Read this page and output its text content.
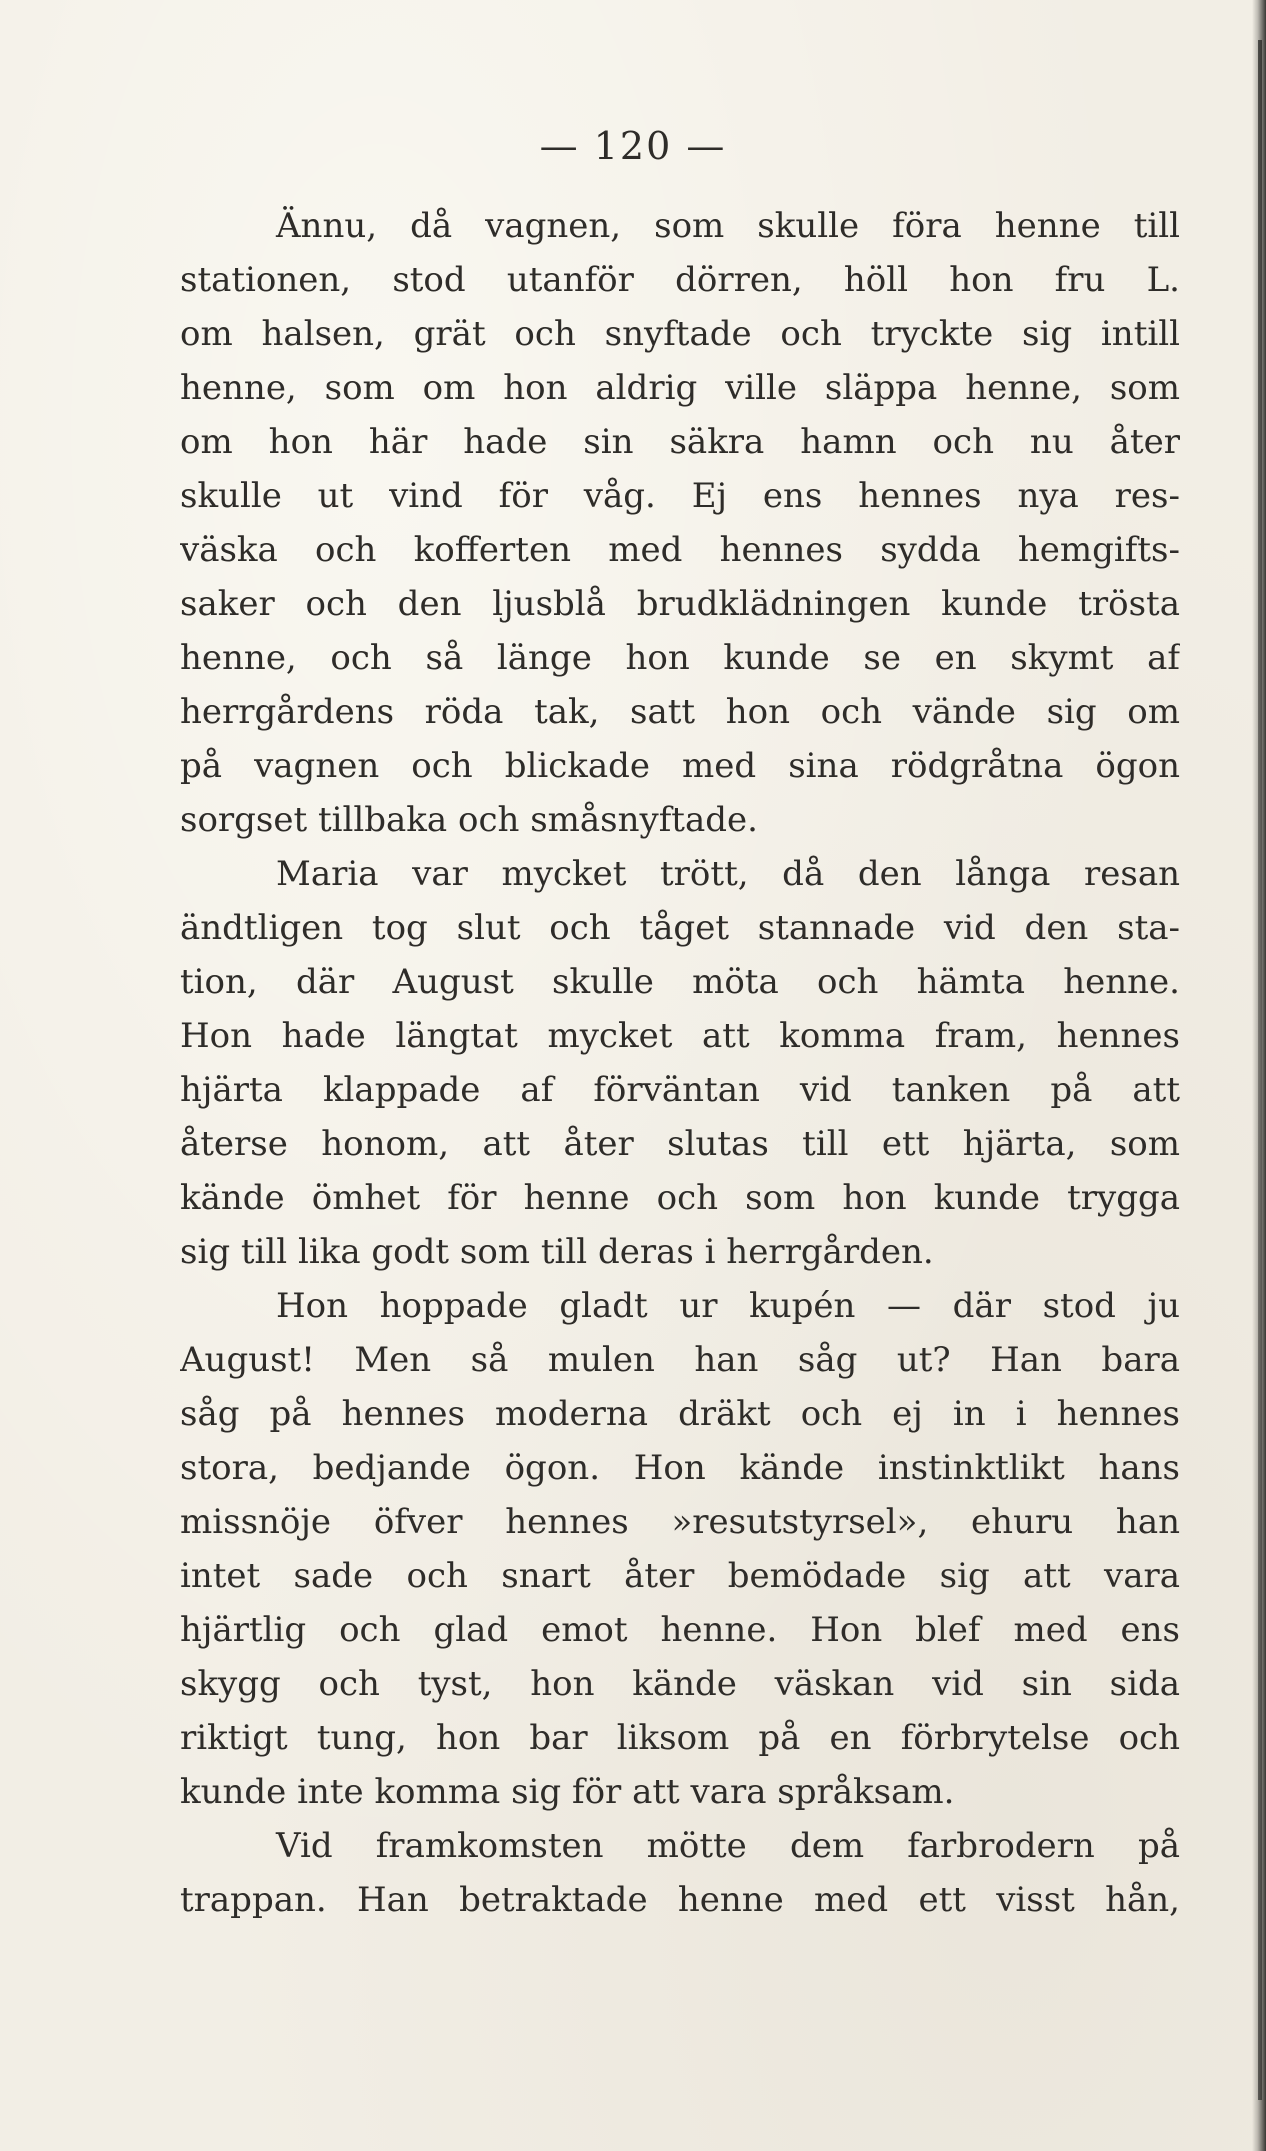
— 120 —
Ännu, då vagnen, som skulle föra henne till
stationen, stod utanför dörren, höll hon fru L.
om halsen, grät och snyftade och tryckte sig intill
henne, som om hon aldrig ville släppa henne, som
om hon här hade sin säkra hamn och nu åter
skulle ut vind för våg. Ej ens hennes nya res-
väska och kofferten med hennes sydda hemgifts-
saker och den ljusblå brudklädningen kunde trösta
henne, och så länge hon kunde se en skymt af
herrgårdens röda tak, satt hon och vände sig om
på vagnen och blickade med sina rödgråtna ögon
sorgset tillbaka och småsnyftade.
Maria var mycket trött, då den långa resan
ändtligen tog slut och tåget stannade vid den sta-
tion, där August skulle möta och hämta henne.
Hon hade längtat mycket att komma fram, hennes
hjärta klappade af förväntan vid tanken på att
återse honom, att åter slutas till ett hjärta, som
kände ömhet för henne och som hon kunde trygga
sig till lika godt som till deras i herrgården.
Hon hoppade gladt ur kupén — där stod ju
August! Men så mulen han såg ut? Han bara
såg på hennes moderna dräkt och ej in i hennes
stora, bedjande ögon. Hon kände instinktlikt hans
missnöje öfver hennes »resutstyrsel», ehuru han
intet sade och snart åter bemödade sig att vara
hjärtlig och glad emot henne. Hon blef med ens
skygg och tyst, hon kände väskan vid sin sida
riktigt tung, hon bar liksom på en förbrytelse och
kunde inte komma sig för att vara språksam.
Vid framkomsten mötte dem farbrodern på
trappan. Han betraktade henne med ett visst hån,
